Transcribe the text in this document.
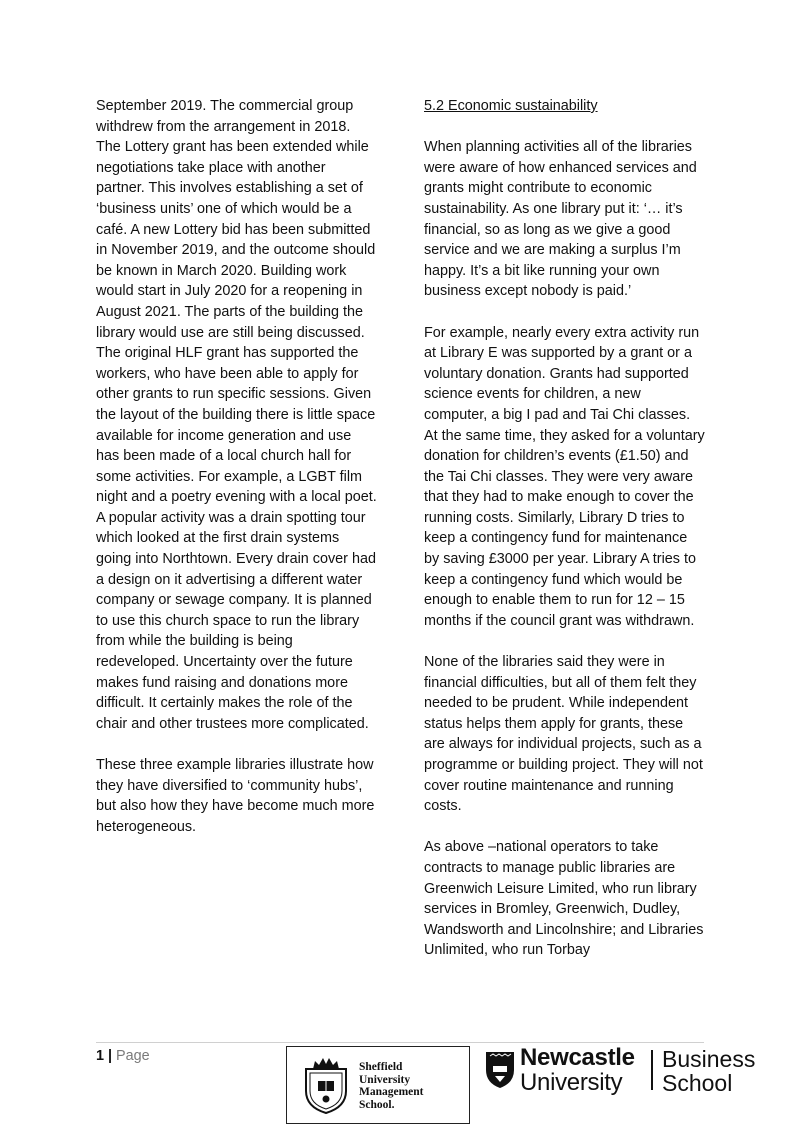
September 2019. The commercial group withdrew from the arrangement in 2018. The Lottery grant has been extended while negotiations take place with another partner. This involves establishing a set of ‘business units’ one of which would be a café. A new Lottery bid has been submitted in November 2019, and the outcome should be known in March 2020. Building work would start in July 2020 for a reopening in August 2021. The parts of the building the library would use are still being discussed. The original HLF grant has supported the workers, who have been able to apply for other grants to run specific sessions. Given the layout of the building there is little space available for income generation and use has been made of a local church hall for some activities. For example, a LGBT film night and a poetry evening with a local poet. A popular activity was a drain spotting tour which looked at the first drain systems going into Northtown. Every drain cover had a design on it advertising a different water company or sewage company. It is planned to use this church space to run the library from while the building is being redeveloped. Uncertainty over the future makes fund raising and donations more difficult. It certainly makes the role of the chair and other trustees more complicated.

These three example libraries illustrate how they have diversified to ‘community hubs’, but also how they have become much more heterogeneous.

5.2 Economic sustainability

When planning activities all of the libraries were aware of how enhanced services and grants might contribute to economic sustainability. As one library put it: ‘… it’s financial, so as long as we give a good service and we are making a surplus I’m happy. It’s a bit like running your own business except nobody is paid.’

For example, nearly every extra activity run at Library E was supported by a grant or a voluntary donation. Grants had supported science events for children, a new computer, a big I pad and Tai Chi classes. At the same time, they asked for a voluntary donation for children’s events (£1.50) and the Tai Chi classes. They were very aware that they had to make enough to cover the running costs. Similarly, Library D tries to keep a contingency fund for maintenance by saving £3000 per year. Library A tries to keep a contingency fund which would be enough to enable them to run for 12 – 15 months if the council grant was withdrawn.

None of the libraries said they were in financial difficulties, but all of them felt they needed to be prudent. While independent status helps them apply for grants, these are always for individual projects, such as a programme or building project. They will not cover routine maintenance and running costs.

As above –national operators to take contracts to manage public libraries are Greenwich Leisure Limited, who run library services in Bromley, Greenwich, Dudley, Wandsworth and Lincolnshire; and Libraries Unlimited, who run Torbay

1 | Page
Sheffield
University
Management
School.
Newcastle
University
Business
School
